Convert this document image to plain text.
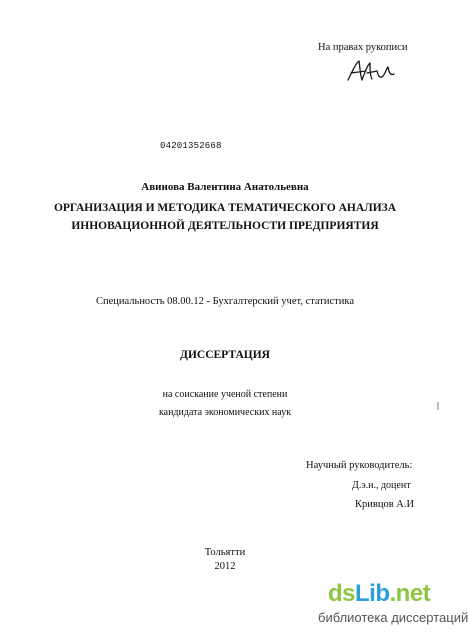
На правах рукописи
04201352668
Авинова Валентина Анатольевна
ОРГАНИЗАЦИЯ И МЕТОДИКА ТЕМАТИЧЕСКОГО АНАЛИЗА
ИННОВАЦИОННОЙ ДЕЯТЕЛЬНОСТИ ПРЕДПРИЯТИЯ
Специальность 08.00.12 - Бухгалтерский учет, статистика
ДИССЕРТАЦИЯ
на соискание ученой степени
кандидата экономических наук
Научный руководитель:
Д.э.н., доцент
Кривцов А.И
Тольятти
2012
dsLib.net
библиотека диссертаций
